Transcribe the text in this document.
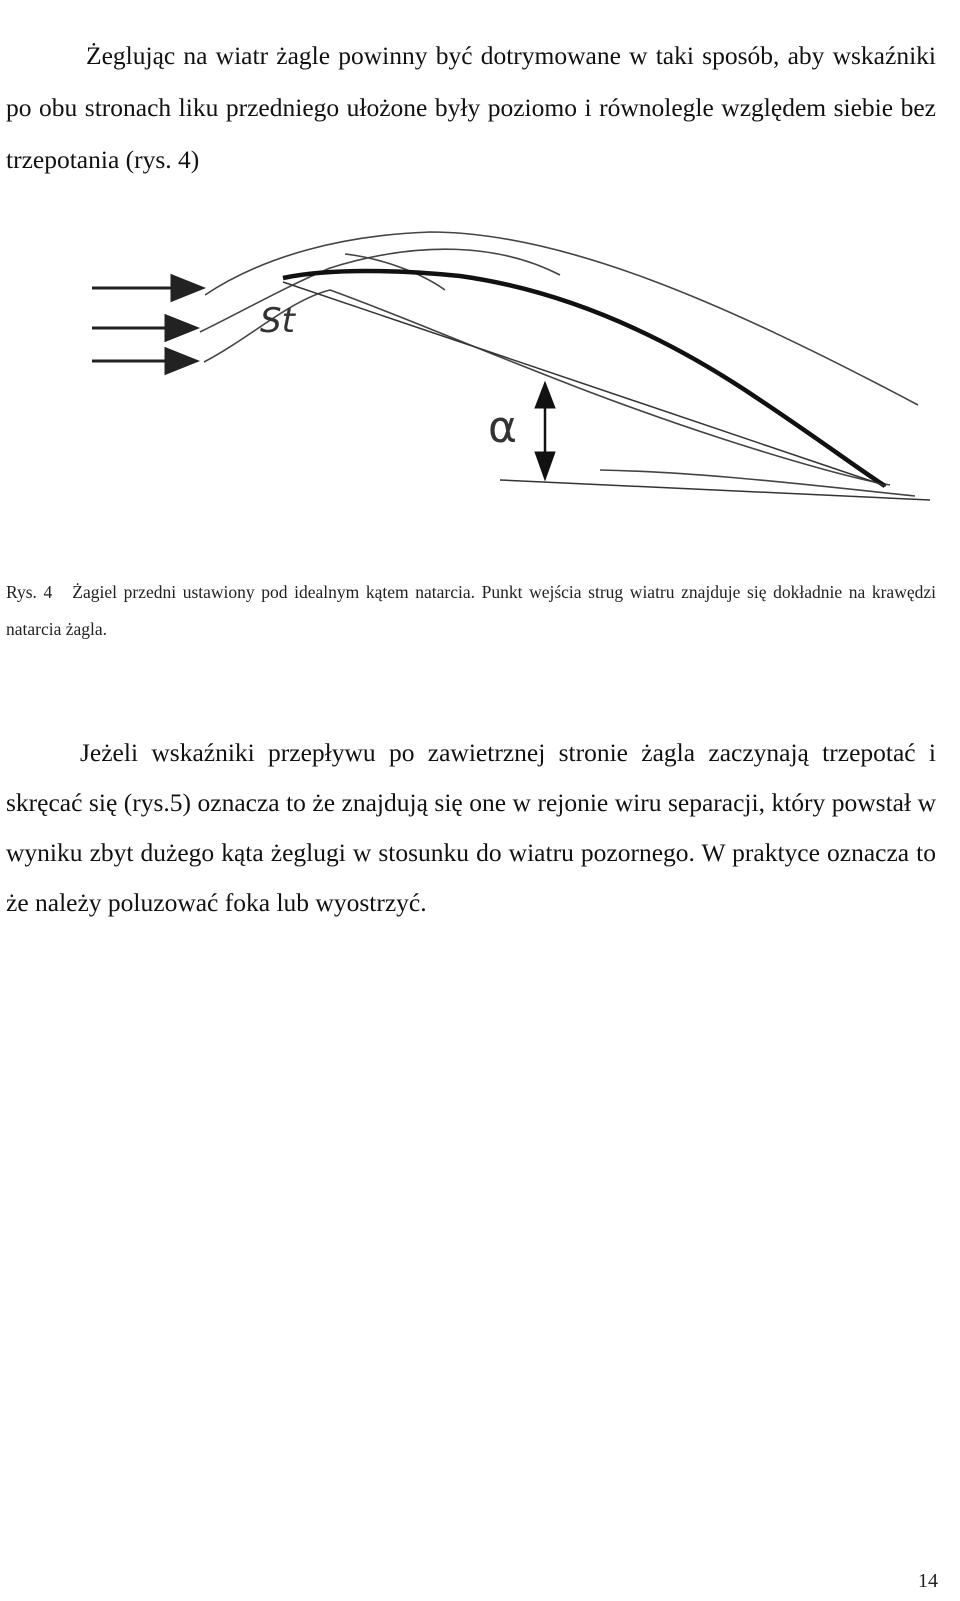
Żeglując na wiatr żagle powinny być dotrymowane w taki sposób, aby wskaźniki po obu stronach liku przedniego ułożone były poziomo i równolegle względem siebie bez trzepotania (rys. 4)

St
α

Rys. 4 Żagiel przedni ustawiony pod idealnym kątem natarcia. Punkt wejścia strug wiatru znajduje się dokładnie na krawędzi natarcia żagla.

Jeżeli wskaźniki przepływu po zawietrznej stronie żagla zaczynają trzepotać i skręcać się (rys.5) oznacza to że znajdują się one w rejonie wiru separacji, który powstał w wyniku zbyt dużego kąta żeglugi w stosunku do wiatru pozornego. W praktyce oznacza to że należy poluzować foka lub wyostrzyć.

14
